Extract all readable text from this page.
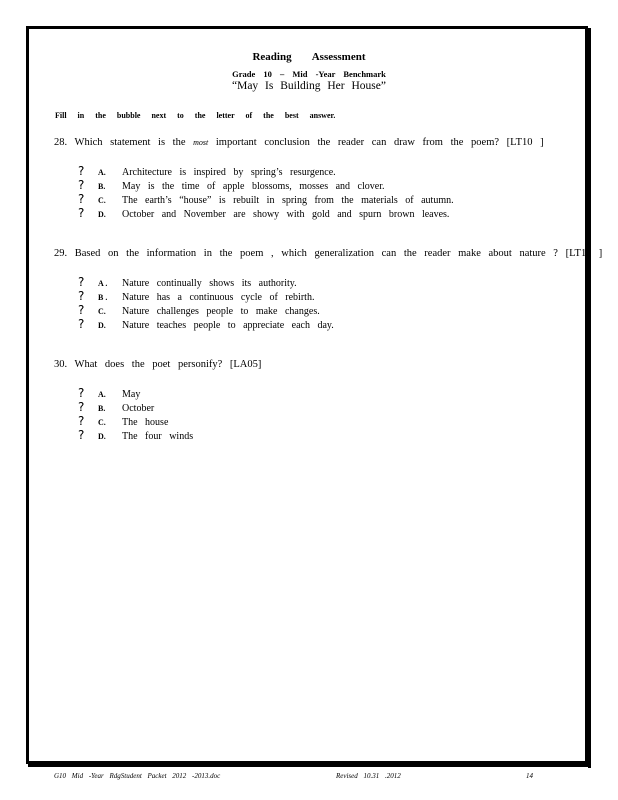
Reading Assessment
Grade 10 – Mid -Year Benchmark
“May Is Building Her House”
Fill in the bubble next to the letter of the best answer.
28. Which statement is the most important conclusion the reader can draw from the poem? [LT10 ]
? A. Architecture is inspired by spring’s resurgence.
? B. May is the time of apple blossoms, mosses and clover.
? C. The earth’s “house” is rebuilt in spring from the materials of autumn.
? D. October and November are showy with gold and spurn brown leaves.
29. Based on the information in the poem , which generalization can the reader make about nature ? [LT11 ]
? A . Nature continually shows its authority.
? B . Nature has a continuous cycle of rebirth.
? C. Nature challenges people to make changes.
? D. Nature teaches people to appreciate each day.
30. What does the poet personify? [LA05]
? A. May
? B. October
? C. The house
? D. The four winds
G10 Mid -Year RdgStudent Packet 2012 -2013.doc	Revised 10.31 .2012	14
